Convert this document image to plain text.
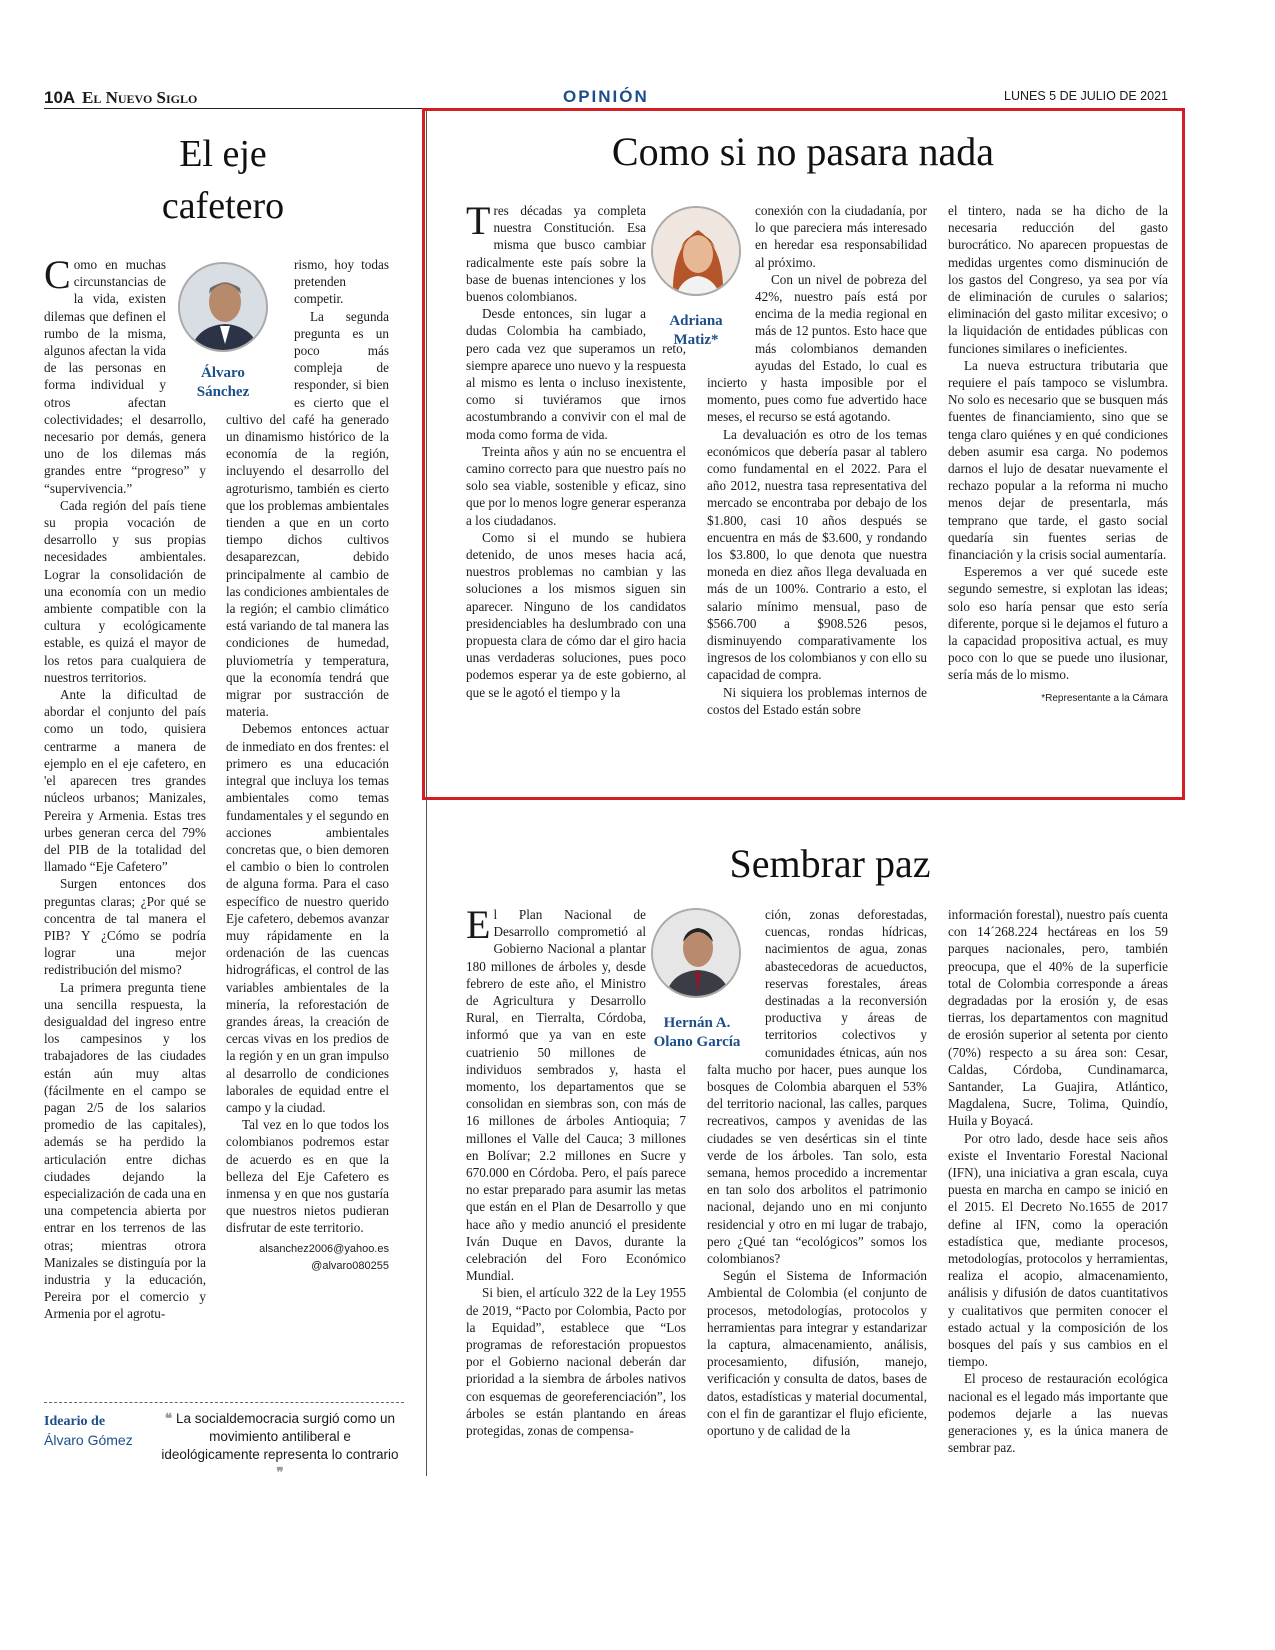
10A El Nuevo Siglo	OPINIÓN	LUNES 5 DE JULIO DE 2021
El eje
cafetero
Álvaro
Sánchez

Como en muchas circunstancias de la vida, existen dilemas que definen el rumbo de la misma, algunos afectan la vida de las personas en forma individual y otros afectan colectividades; el desarrollo, necesario por demás, genera uno de los dilemas más grandes entre “progreso” y “supervivencia.”

Cada región del país tiene su propia vocación de desarrollo y sus propias necesidades ambientales. Lograr la consolidación de una economía con un medio ambiente compatible con la cultura y ecológicamente estable, es quizá el mayor de los retos para cualquiera de nuestros territorios.

Ante la dificultad de abordar el conjunto del país como un todo, quisiera centrarme a manera de ejemplo en el eje cafetero, en 'el aparecen tres grandes núcleos urbanos; Manizales, Pereira y Armenia. Estas tres urbes generan cerca del 79% del PIB de la totalidad del llamado “Eje Cafetero”

Surgen entonces dos preguntas claras; ¿Por qué se concentra de tal manera el PIB? Y ¿Cómo se podría lograr una mejor redistribución del mismo?

La primera pregunta tiene una sencilla respuesta, la desigualdad del ingreso entre los campesinos y los trabajadores de las ciudades están aún muy altas (fácilmente en el campo se pagan 2/5 de los salarios promedio de las capitales), además se ha perdido la articulación entre dichas ciudades dejando la especialización de cada una en una competencia abierta por entrar en los terrenos de las otras; mientras otrora Manizales se distinguía por la industria y la educación, Pereira por el comercio y Armenia por el agrotu-

rismo, hoy todas pretenden competir.

La segunda pregunta es un poco más compleja de responder, si bien es cierto que el cultivo del café ha generado un dinamismo histórico de la economía de la región, incluyendo el desarrollo del agroturismo, también es cierto que los problemas ambientales tienden a que en un corto tiempo dichos cultivos desaparezcan, debido principalmente al cambio de las condiciones ambientales de la región; el cambio climático está variando de tal manera las condiciones de humedad, pluviometría y temperatura, que la economía tendrá que migrar por sustracción de materia.

Debemos entonces actuar de inmediato en dos frentes: el primero es una educación integral que incluya los temas ambientales como temas fundamentales y el segundo en acciones ambientales concretas que, o bien demoren el cambio o bien lo controlen de alguna forma. Para el caso específico de nuestro querido Eje cafetero, debemos avanzar muy rápidamente en la ordenación de las cuencas hidrográficas, el control de las variables ambientales de la minería, la reforestación de grandes áreas, la creación de cercas vivas en los predios de la región y en un gran impulso al desarrollo de condiciones laborales de equidad entre el campo y la ciudad.

Tal vez en lo que todos los colombianos podremos estar de acuerdo es en que la belleza del Eje Cafetero es inmensa y en que nos gustaría que nuestros nietos pudieran disfrutar de este territorio.

alsanchez2006@yahoo.es

@alvaro080255

Ideario de
Álvaro Gómez
❝ La socialdemocracia surgió como un movimiento antiliberal e ideológicamente representa lo contrario ❞
Como si no pasara nada
Adriana
Matiz*

Tres décadas ya completa nuestra Constitución. Esa misma que busco cambiar radicalmente este país sobre la base de buenas intenciones y los buenos colombianos.

Desde entonces, sin lugar a dudas Colombia ha cambiado, pero cada vez que superamos un reto, siempre aparece uno nuevo y la respuesta al mismo es lenta o incluso inexistente, como si tuviéramos que irnos acostumbrando a convivir con el mal de moda como forma de vida.

Treinta años y aún no se encuentra el camino correcto para que nuestro país no solo sea viable, sostenible y eficaz, sino que por lo menos logre generar esperanza a los ciudadanos.

Como si el mundo se hubiera detenido, de unos meses hacia acá, nuestros problemas no cambian y las soluciones a los mismos siguen sin aparecer. Ninguno de los candidatos presidenciables ha deslumbrado con una propuesta clara de cómo dar el giro hacia unas verdaderas soluciones, pues poco podemos esperar ya de este gobierno, al que se le agotó el tiempo y la

conexión con la ciudadanía, por lo que pareciera más interesado en heredar esa responsabilidad al próximo.

Con un nivel de pobreza del 42%, nuestro país está por encima de la media regional en más de 12 puntos. Esto hace que más colombianos demanden ayudas del Estado, lo cual es incierto y hasta imposible por el momento, pues como fue advertido hace meses, el recurso se está agotando.

La devaluación es otro de los temas económicos que debería pasar al tablero como fundamental en el 2022. Para el año 2012, nuestra tasa representativa del mercado se encontraba por debajo de los $1.800, casi 10 años después se encuentra en más de $3.600, y rondando los $3.800, lo que denota que nuestra moneda en diez años llega devaluada en más de un 100%. Contrario a esto, el salario mínimo mensual, paso de $566.700 a $908.526 pesos, disminuyendo comparativamente los ingresos de los colombianos y con ello su capacidad de compra.

Ni siquiera los problemas internos de costos del Estado están sobre

el tintero, nada se ha dicho de la necesaria reducción del gasto burocrático. No aparecen propuestas de medidas urgentes como disminución de los gastos del Congreso, ya sea por vía de eliminación de curules o salarios; eliminación del gasto militar excesivo; o la liquidación de entidades públicas con funciones similares o ineficientes.

La nueva estructura tributaria que requiere el país tampoco se vislumbra. No solo es necesario que se busquen más fuentes de financiamiento, sino que se tenga claro quiénes y en qué condiciones deben asumir esa carga. No podemos darnos el lujo de desatar nuevamente el rechazo popular a la reforma ni mucho menos dejar de presentarla, más temprano que tarde, el gasto social quedaría sin fuentes serias de financiación y la crisis social aumentaría.

Esperemos a ver qué sucede este segundo semestre, si explotan las ideas; solo eso haría pensar que esto sería diferente, porque si le dejamos el futuro a la capacidad propositiva actual, es muy poco con lo que se puede uno ilusionar, sería más de lo mismo.

*Representante a la Cámara

Sembrar paz
Hernán A.
Olano García

El Plan Nacional de Desarrollo comprometió al Gobierno Nacional a plantar 180 millones de árboles y, desde febrero de este año, el Ministro de Agricultura y Desarrollo Rural, en Tierralta, Córdoba, informó que ya van en este cuatrienio 50 millones de individuos sembrados y, hasta el momento, los departamentos que se consolidan en siembras son, con más de 16 millones de árboles Antioquia; 7 millones el Valle del Cauca; 3 millones en Bolívar; 2.2 millones en Sucre y 670.000 en Córdoba. Pero, el país parece no estar preparado para asumir las metas que están en el Plan de Desarrollo y que hace año y medio anunció el presidente Iván Duque en Davos, durante la celebración del Foro Económico Mundial.

Si bien, el artículo 322 de la Ley 1955 de 2019, “Pacto por Colombia, Pacto por la Equidad”, establece que “Los programas de reforestación propuestos por el Gobierno nacional deberán dar prioridad a la siembra de árboles nativos con esquemas de georeferenciación”, los árboles se están plantando en áreas protegidas, zonas de compensa-

ción, zonas deforestadas, cuencas, rondas hídricas, nacimientos de agua, zonas abastecedoras de acueductos, reservas forestales, áreas destinadas a la reconversión productiva y áreas de territorios colectivos y comunidades étnicas, aún nos falta mucho por hacer, pues aunque los bosques de Colombia abarquen el 53% del territorio nacional, las calles, parques recreativos, campos y avenidas de las ciudades se ven desérticas sin el tinte verde de los árboles. Tan solo, esta semana, hemos procedido a incrementar en tan solo dos arbolitos el patrimonio nacional, dejando uno en mi conjunto residencial y otro en mi lugar de trabajo, pero ¿Qué tan “ecológicos” somos los colombianos?

Según el Sistema de Información Ambiental de Colombia (el conjunto de procesos, metodologías, protocolos y herramientas para integrar y estandarizar la captura, almacenamiento, análisis, procesamiento, difusión, manejo, verificación y consulta de datos, bases de datos, estadísticas y material documental, con el fin de garantizar el flujo eficiente, oportuno y de calidad de la

información forestal), nuestro país cuenta con 14´268.224 hectáreas en los 59 parques nacionales, pero, también preocupa, que el 40% de la superficie total de Colombia corresponde a áreas degradadas por la erosión y, de esas tierras, los departamentos con magnitud de erosión superior al setenta por ciento (70%) respecto a su área son: Cesar, Caldas, Córdoba, Cundinamarca, Santander, La Guajira, Atlántico, Magdalena, Sucre, Tolima, Quindío, Huila y Boyacá.

Por otro lado, desde hace seis años existe el Inventario Forestal Nacional (IFN), una iniciativa a gran escala, cuya puesta en marcha en campo se inició en el 2015. El Decreto No.1655 de 2017 define al IFN, como la operación estadística que, mediante procesos, metodologías, protocolos y herramientas, realiza el acopio, almacenamiento, análisis y difusión de datos cuantitativos y cualitativos que permiten conocer el estado actual y la composición de los bosques del país y sus cambios en el tiempo.

El proceso de restauración ecológica nacional es el legado más importante que podemos dejarle a las nuevas generaciones y, es la única manera de sembrar paz.
